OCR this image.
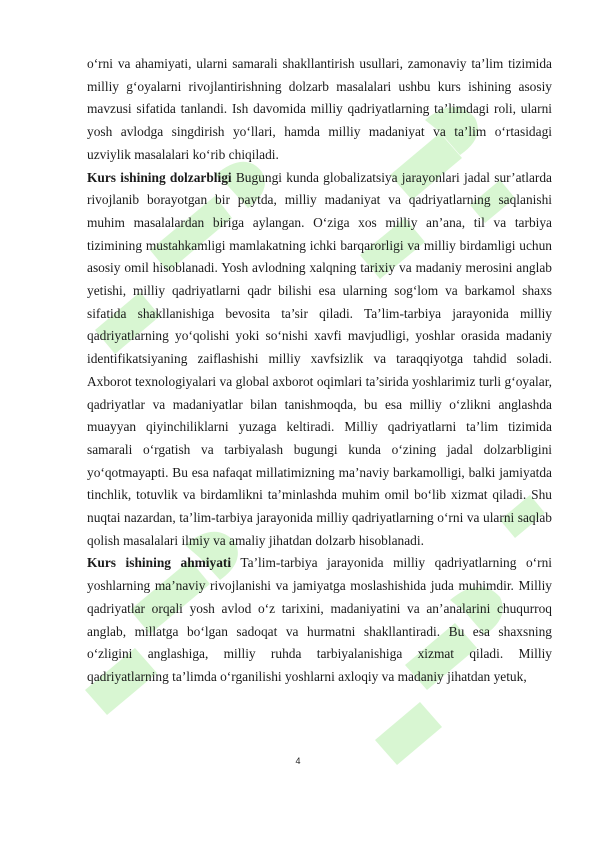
‍

o‘rni va ahamiyati, ularni samarali shakllantirish usullari, zamonaviy ta’lim tizimida milliy g‘oyalarni rivojlantirishning dolzarb masalalari ushbu kurs ishining asosiy mavzusi sifatida tanlandi. Ish davomida milliy qadriyatlarning ta’limdagi roli, ularni yosh avlodga singdirish yo‘llari, hamda milliy madaniyat va ta’lim o‘rtasidagi uzviylik masalalari ko‘rib chiqiladi.

Kurs ishining dolzarbligi Bugungi kunda globalizatsiya jarayonlari jadal sur’atlarda rivojlanib borayotgan bir paytda, milliy madaniyat va qadriyatlarning saqlanishi muhim masalalardan biriga aylangan. O‘ziga xos milliy an’ana, til va tarbiya tizimining mustahkamligi mamlakatning ichki barqarorligi va milliy birdamligi uchun asosiy omil hisoblanadi. Yosh avlodning xalqning tarixiy va madaniy merosini anglab yetishi, milliy qadriyatlarni qadr bilishi esa ularning sog‘lom va barkamol shaxs sifatida shakllanishiga bevosita ta’sir qiladi. Ta’lim-tarbiya jarayonida milliy qadriyatlarning yo‘qolishi yoki so‘nishi xavfi mavjudligi, yoshlar orasida madaniy identifikatsiyaning zaiflashishi milliy xavfsizlik va taraqqiyotga tahdid soladi. Axborot texnologiyalari va global axborot oqimlari ta’sirida yoshlarimiz turli g‘oyalar, qadriyatlar va madaniyatlar bilan tanishmoqda, bu esa milliy o‘zlikni anglashda muayyan qiyinchiliklarni yuzaga keltiradi. Milliy qadriyatlarni ta’lim tizimida samarali o‘rgatish va tarbiyalash bugungi kunda o‘zining jadal dolzarbligini yo‘qotmayapti. Bu esa nafaqat millatimizning ma’naviy barkamolligi, balki jamiyatda tinchlik, totuvlik va birdamlikni ta’minlashda muhim omil bo‘lib xizmat qiladi. Shu nuqtai nazardan, ta’lim-tarbiya jarayonida milliy qadriyatlarning o‘rni va ularni saqlab qolish masalalari ilmiy va amaliy jihatdan dolzarb hisoblanadi.

Kurs ishining ahmiyati Ta’lim-tarbiya jarayonida milliy qadriyatlarning o‘rni yoshlarning ma’naviy rivojlanishi va jamiyatga moslashishida juda muhimdir. Milliy qadriyatlar orqali yosh avlod o‘z tarixini, madaniyatini va an’analarini chuqurroq anglab, millatga bo‘lgan sadoqat va hurmatni shakllantiradi. Bu esa shaxsning o‘zligini anglashiga, milliy ruhda tarbiyalanishiga xizmat qiladi. Milliy qadriyatlarning ta’limda o‘rganilishi yoshlarni axloqiy va madaniy jihatdan yetuk,

4
